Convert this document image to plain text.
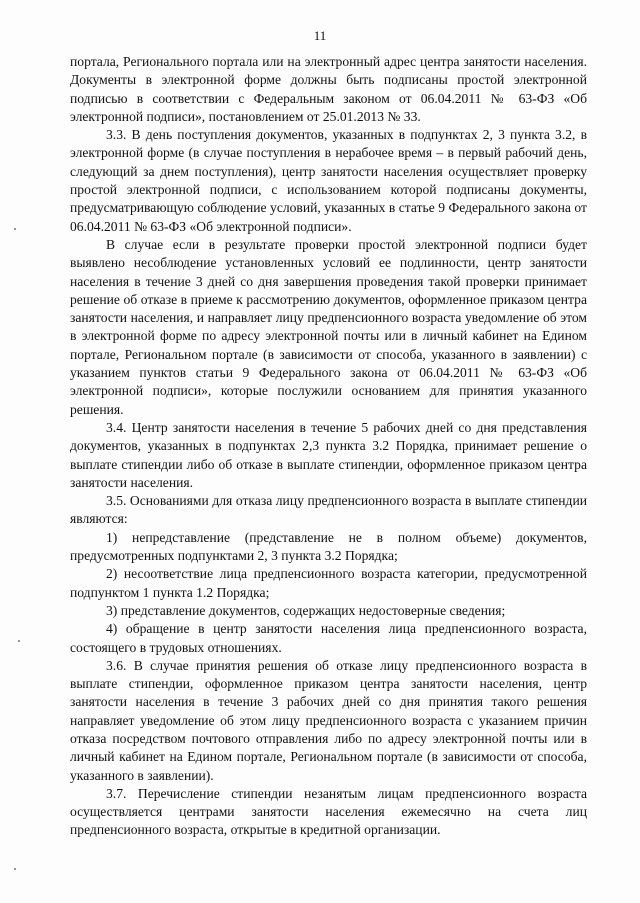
11

портала, Регионального портала или на электронный адрес центра занятости населения. Документы в электронной форме должны быть подписаны простой электронной подписью в соответствии с Федеральным законом от 06.04.2011 № 63-ФЗ «Об электронной подписи», постановлением от 25.01.2013 № 33.

3.3. В день поступления документов, указанных в подпунктах 2, 3 пункта 3.2, в электронной форме (в случае поступления в нерабочее время – в первый рабочий день, следующий за днем поступления), центр занятости населения осуществляет проверку простой электронной подписи, с использованием которой подписаны документы, предусматривающую соблюдение условий, указанных в статье 9 Федерального закона от 06.04.2011 № 63-ФЗ «Об электронной подписи».

В случае если в результате проверки простой электронной подписи будет выявлено несоблюдение установленных условий ее подлинности, центр занятости населения в течение 3 дней со дня завершения проведения такой проверки принимает решение об отказе в приеме к рассмотрению документов, оформленное приказом центра занятости населения, и направляет лицу предпенсионного возраста уведомление об этом в электронной форме по адресу электронной почты или в личный кабинет на Едином портале, Региональном портале (в зависимости от способа, указанного в заявлении) с указанием пунктов статьи 9 Федерального закона от 06.04.2011 № 63-ФЗ «Об электронной подписи», которые послужили основанием для принятия указанного решения.

3.4. Центр занятости населения в течение 5 рабочих дней со дня представления документов, указанных в подпунктах 2,3 пункта 3.2 Порядка, принимает решение о выплате стипендии либо об отказе в выплате стипендии, оформленное приказом центра занятости населения.

3.5. Основаниями для отказа лицу предпенсионного возраста в выплате стипендии являются:

1) непредставление (представление не в полном объеме) документов, предусмотренных подпунктами 2, 3 пункта 3.2 Порядка;

2) несоответствие лица предпенсионного возраста категории, предусмотренной подпунктом 1 пункта 1.2 Порядка;

3) представление документов, содержащих недостоверные сведения;

4) обращение в центр занятости населения лица предпенсионного возраста, состоящего в трудовых отношениях.

3.6. В случае принятия решения об отказе лицу предпенсионного возраста в выплате стипендии, оформленное приказом центра занятости населения, центр занятости населения в течение 3 рабочих дней со дня принятия такого решения направляет уведомление об этом лицу предпенсионного возраста с указанием причин отказа посредством почтового отправления либо по адресу электронной почты или в личный кабинет на Едином портале, Региональном портале (в зависимости от способа, указанного в заявлении).

3.7. Перечисление стипендии незанятым лицам предпенсионного возраста осуществляется центрами занятости населения ежемесячно на счета лиц предпенсионного возраста, открытые в кредитной организации.
